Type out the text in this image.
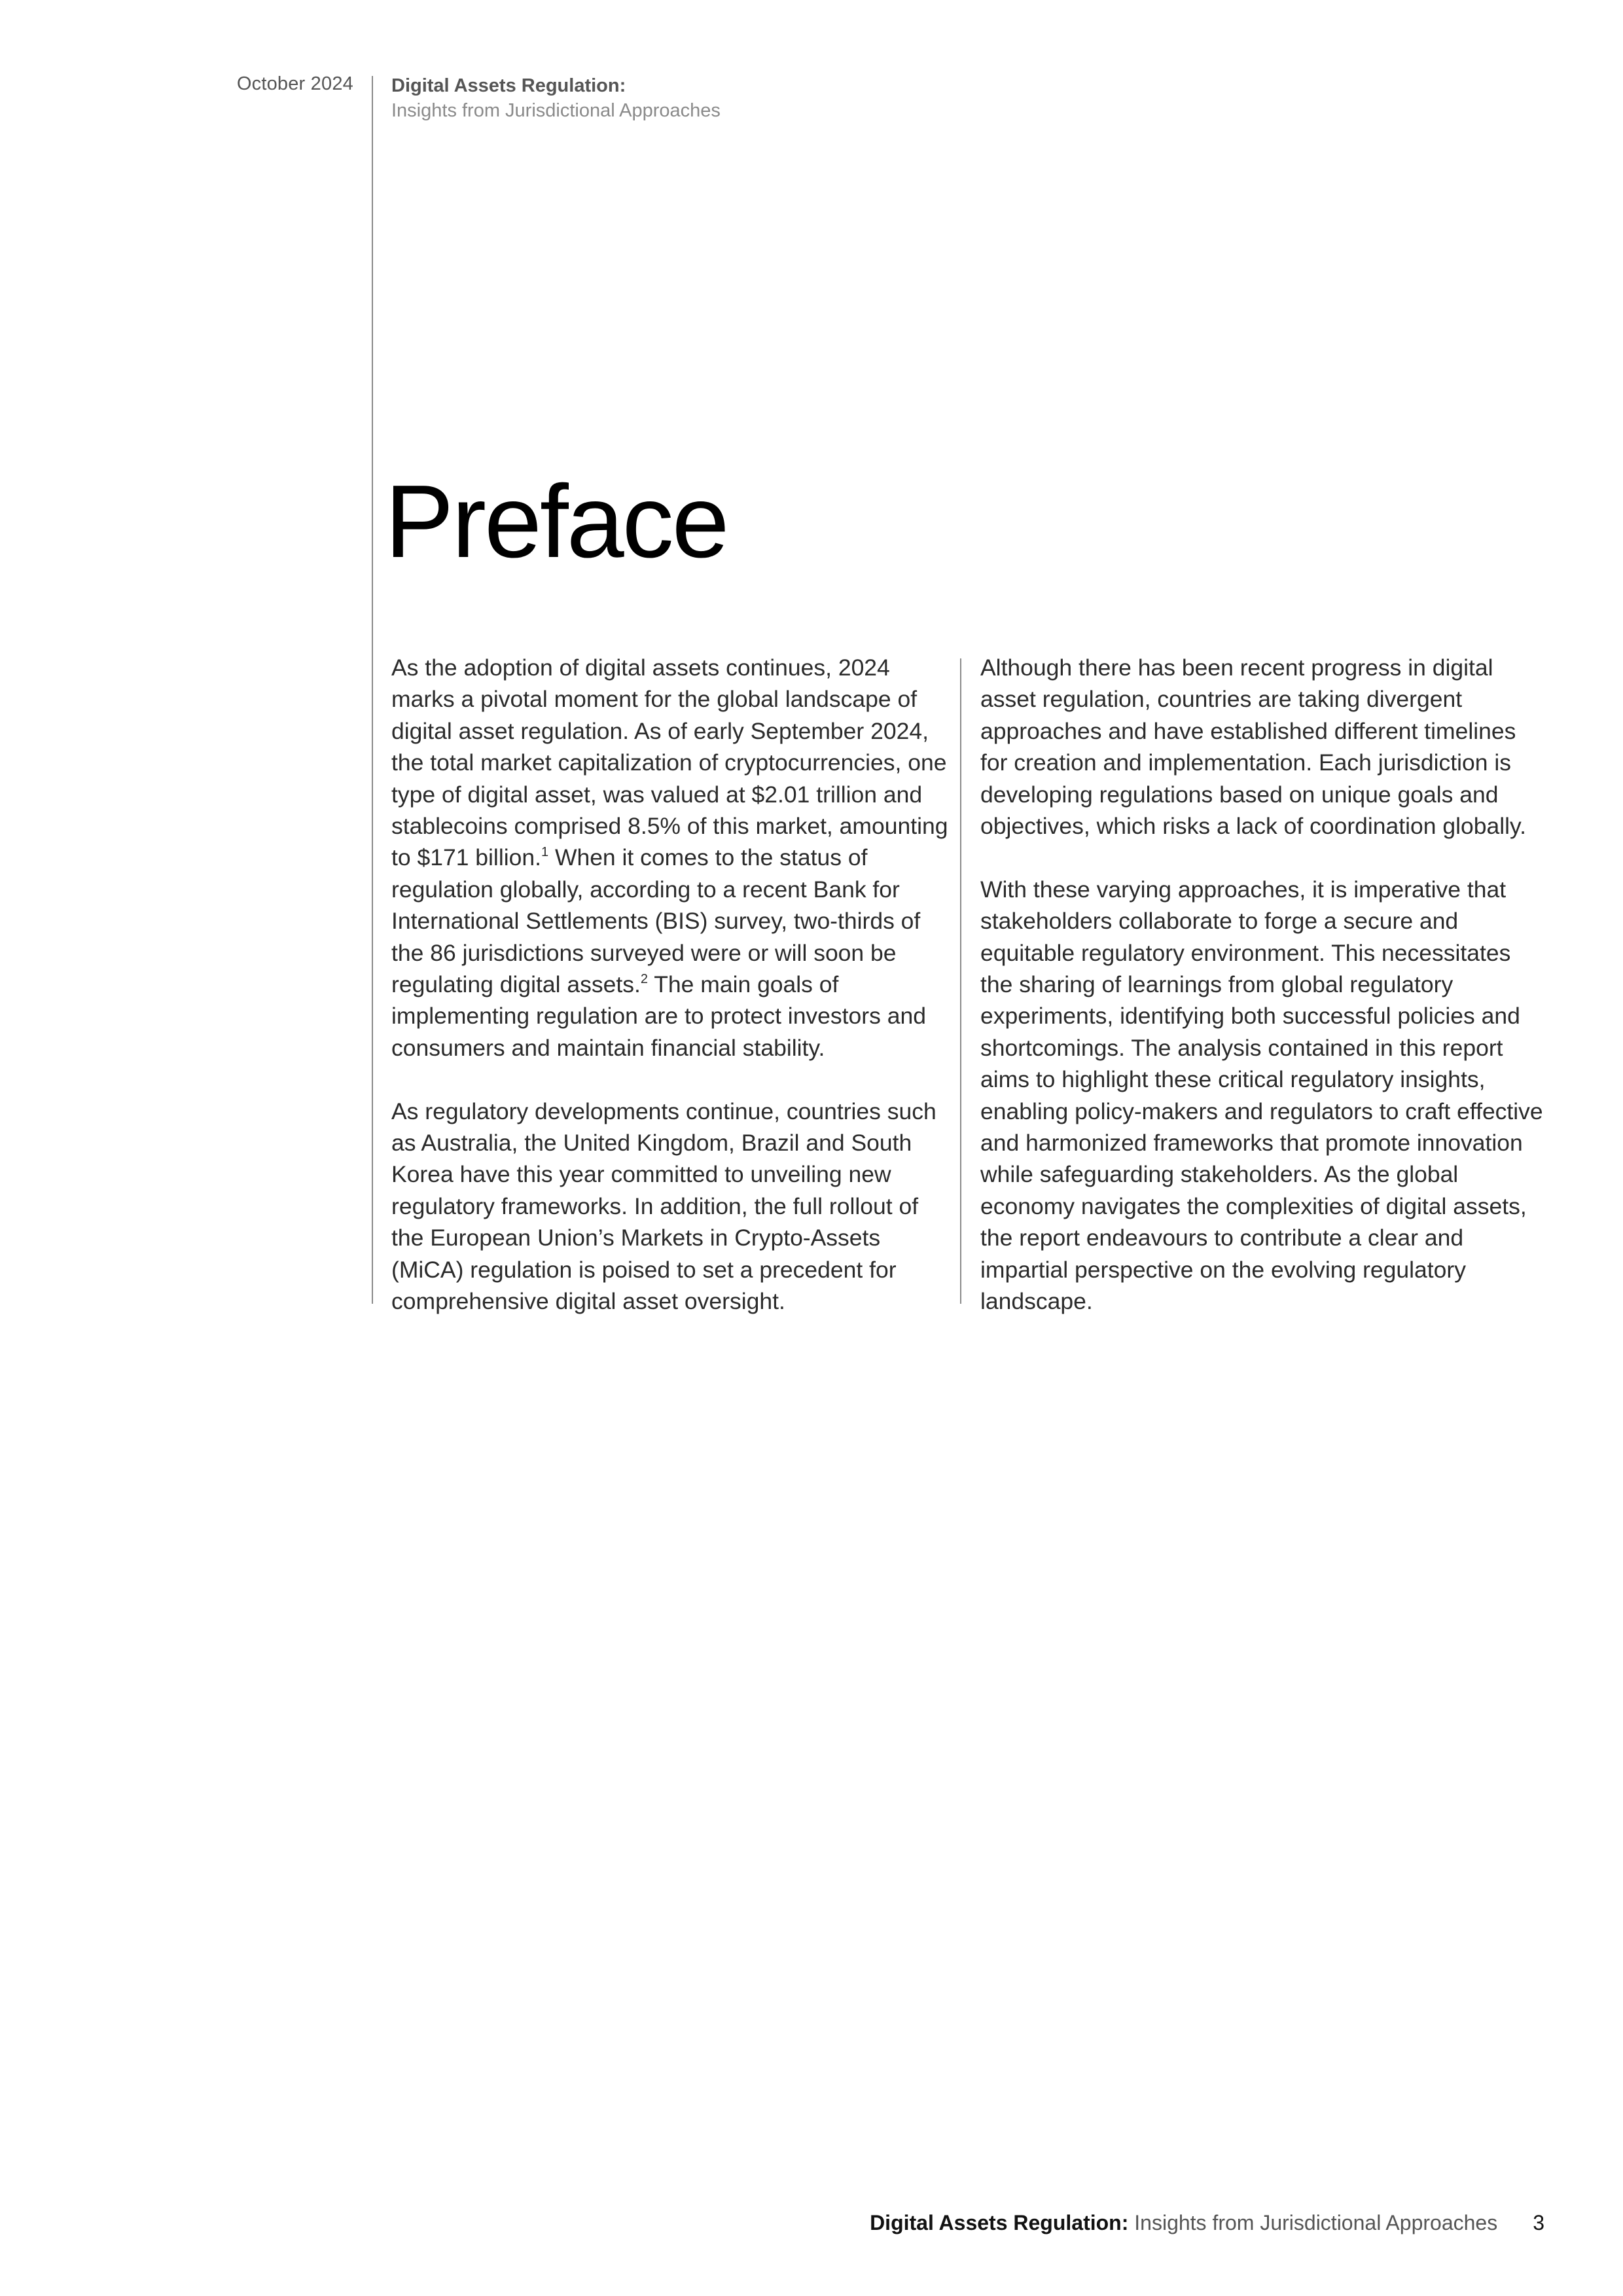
October 2024 Digital Assets Regulation:
Insights from Jurisdictional Approaches
Preface

As the adoption of digital assets continues, 2024 marks a pivotal moment for the global landscape of digital asset regulation. As of early September 2024, the total market capitalization of cryptocurrencies, one type of digital asset, was valued at $2.01 trillion and stablecoins comprised 8.5% of this market, amounting to $171 billion.$^1$ When it comes to the status of regulation globally, according to a recent Bank for International Settlements (BIS) survey, two-thirds of the 86 jurisdictions surveyed were or will soon be regulating digital assets.$^2$ The main goals of implementing regulation are to protect investors and consumers and maintain financial stability.

As regulatory developments continue, countries such as Australia, the United Kingdom, Brazil and South Korea have this year committed to unveiling new regulatory frameworks. In addition, the full rollout of the European Union’s Markets in Crypto-Assets (MiCA) regulation is poised to set a precedent for comprehensive digital asset oversight.

Although there has been recent progress in digital asset regulation, countries are taking divergent approaches and have established different timelines for creation and implementation. Each jurisdiction is developing regulations based on unique goals and objectives, which risks a lack of coordination globally.

With these varying approaches, it is imperative that stakeholders collaborate to forge a secure and equitable regulatory environment. This necessitates the sharing of learnings from global regulatory experiments, identifying both successful policies and shortcomings. The analysis contained in this report aims to highlight these critical regulatory insights, enabling policy-makers and regulators to craft effective and harmonized frameworks that promote innovation while safeguarding stakeholders. As the global economy navigates the complexities of digital assets, the report endeavours to contribute a clear and impartial perspective on the evolving regulatory landscape.

Digital Assets Regulation: Insights from Jurisdictional Approaches 3
